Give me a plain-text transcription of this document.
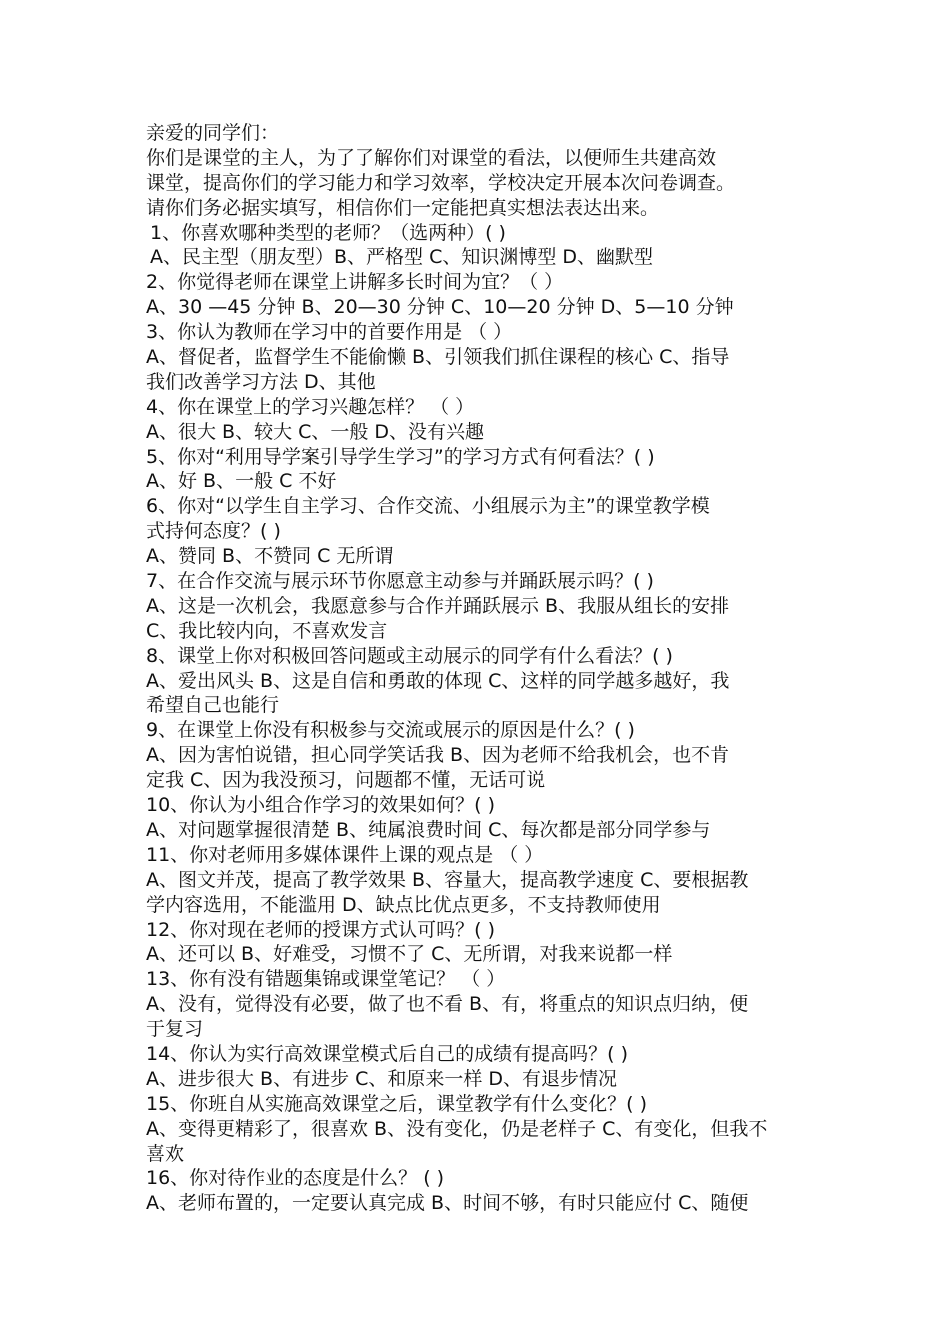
亲爱的同学们：
你们是课堂的主人，为了了解你们对课堂的看法，以便师生共建高效
课堂，提高你们的学习能力和学习效率，学校决定开展本次问卷调查。
请你们务必据实填写，相信你们一定能把真实想法表达出来。
1、你喜欢哪种类型的老师？（选两种）( )
A、民主型（朋友型）B、严格型 C、知识渊博型 D、幽默型
2、你觉得老师在课堂上讲解多长时间为宜？（ ）
A、30 —45 分钟 B、20—30 分钟 C、10—20 分钟 D、5—10 分钟
3、你认为教师在学习中的首要作用是 （ ）
A、督促者，监督学生不能偷懒 B、引领我们抓住课程的核心 C、指导
我们改善学习方法 D、其他
4、你在课堂上的学习兴趣怎样？ （ ）
A、很大 B、较大 C、一般 D、没有兴趣
5、你对“利用导学案引导学生学习”的学习方式有何看法？( )
A、好 B、一般 C 不好
6、你对“以学生自主学习、合作交流、小组展示为主”的课堂教学模
式持何态度？( )
A、赞同 B、不赞同 C 无所谓
7、在合作交流与展示环节你愿意主动参与并踊跃展示吗？( )
A、这是一次机会，我愿意参与合作并踊跃展示 B、我服从组长的安排
C、我比较内向，不喜欢发言
8、课堂上你对积极回答问题或主动展示的同学有什么看法？( )
A、爱出风头 B、这是自信和勇敢的体现 C、这样的同学越多越好，我
希望自己也能行
9、在课堂上你没有积极参与交流或展示的原因是什么？( )
A、因为害怕说错，担心同学笑话我 B、因为老师不给我机会，也不肯
定我 C、因为我没预习，问题都不懂，无话可说
10、你认为小组合作学习的效果如何？( )
A、对问题掌握很清楚 B、纯属浪费时间 C、每次都是部分同学参与
11、你对老师用多媒体课件上课的观点是 （ ）
A、图文并茂，提高了教学效果 B、容量大，提高教学速度 C、要根据教
学内容选用，不能滥用 D、缺点比优点更多，不支持教师使用
12、你对现在老师的授课方式认可吗？( )
A、还可以 B、好难受，习惯不了 C、无所谓，对我来说都一样
13、你有没有错题集锦或课堂笔记？ （ ）
A、没有，觉得没有必要，做了也不看 B、有，将重点的知识点归纳，便
于复习
14、你认为实行高效课堂模式后自己的成绩有提高吗？( )
A、进步很大 B、有进步 C、和原来一样 D、有退步情况
15、你班自从实施高效课堂之后，课堂教学有什么变化？( )
A、变得更精彩了，很喜欢 B、没有变化，仍是老样子 C、有变化，但我不
喜欢
16、你对待作业的态度是什么？ ( )
A、老师布置的，一定要认真完成 B、时间不够，有时只能应付 C、随便
